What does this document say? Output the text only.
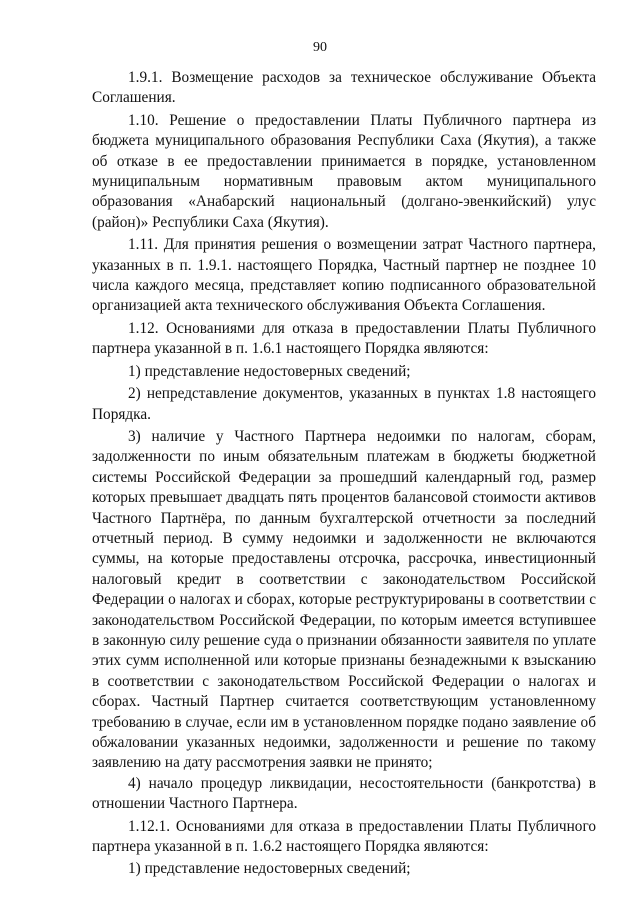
90

1.9.1. Возмещение расходов за техническое обслуживание Объекта Соглашения.

1.10. Решение о предоставлении Платы Публичного партнера из бюджета муниципального образования Республики Саха (Якутия), а также об отказе в ее предоставлении принимается в порядке, установленном муниципальным нормативным правовым актом муниципального образования «Анабарский национальный (долгано-эвенкийский) улус (район)» Республики Саха (Якутия).

1.11. Для принятия решения о возмещении затрат Частного партнера, указанных в п. 1.9.1. настоящего Порядка, Частный партнер не позднее 10 числа каждого месяца, представляет копию подписанного образовательной организацией акта технического обслуживания Объекта Соглашения.

1.12. Основаниями для отказа в предоставлении Платы Публичного партнера указанной в п. 1.6.1 настоящего Порядка являются:

1) представление недостоверных сведений;

2) непредставление документов, указанных в пунктах 1.8 настоящего Порядка.

3) наличие у Частного Партнера недоимки по налогам, сборам, задолженности по иным обязательным платежам в бюджеты бюджетной системы Российской Федерации за прошедший календарный год, размер которых превышает двадцать пять процентов балансовой стоимости активов Частного Партнёра, по данным бухгалтерской отчетности за последний отчетный период. В сумму недоимки и задолженности не включаются суммы, на которые предоставлены отсрочка, рассрочка, инвестиционный налоговый кредит в соответствии с законодательством Российской Федерации о налогах и сборах, которые реструктурированы в соответствии с законодательством Российской Федерации, по которым имеется вступившее в законную силу решение суда о признании обязанности заявителя по уплате этих сумм исполненной или которые признаны безнадежными к взысканию в соответствии с законодательством Российской Федерации о налогах и сборах. Частный Партнер считается соответствующим установленному требованию в случае, если им в установленном порядке подано заявление об обжаловании указанных недоимки, задолженности и решение по такому заявлению на дату рассмотрения заявки не принято;

4) начало процедур ликвидации, несостоятельности (банкротства) в отношении Частного Партнера.

1.12.1. Основаниями для отказа в предоставлении Платы Публичного партнера указанной в п. 1.6.2 настоящего Порядка являются:

1) представление недостоверных сведений;
